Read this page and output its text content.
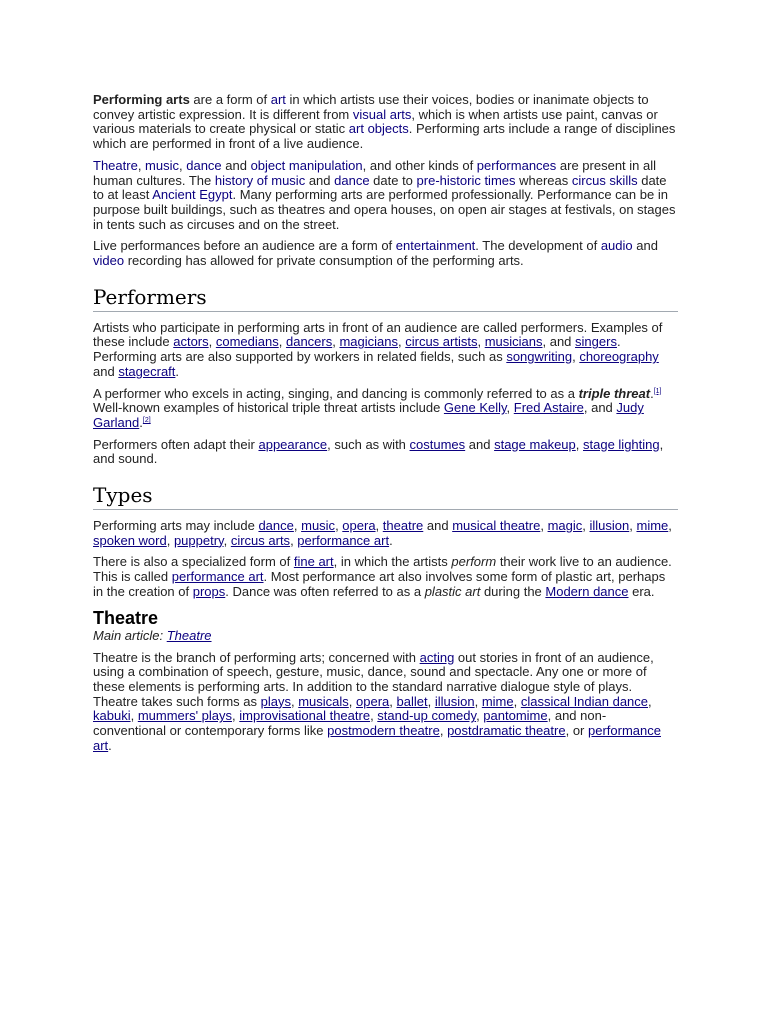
Performing arts are a form of art in which artists use their voices, bodies or inanimate objects to convey artistic expression. It is different from visual arts, which is when artists use paint, canvas or various materials to create physical or static art objects. Performing arts include a range of disciplines which are performed in front of a live audience.

Theatre, music, dance and object manipulation, and other kinds of performances are present in all human cultures. The history of music and dance date to pre-historic times whereas circus skills date to at least Ancient Egypt. Many performing arts are performed professionally. Performance can be in purpose built buildings, such as theatres and opera houses, on open air stages at festivals, on stages in tents such as circuses and on the street.

Live performances before an audience are a form of entertainment. The development of audio and video recording has allowed for private consumption of the performing arts.

Performers

Artists who participate in performing arts in front of an audience are called performers. Examples of these include actors, comedians, dancers, magicians, circus artists, musicians, and singers. Performing arts are also supported by workers in related fields, such as songwriting, choreography and stagecraft.

A performer who excels in acting, singing, and dancing is commonly referred to as a triple threat.[1] Well-known examples of historical triple threat artists include Gene Kelly, Fred Astaire, and Judy Garland.[2]

Performers often adapt their appearance, such as with costumes and stage makeup, stage lighting, and sound.

Types

Performing arts may include dance, music, opera, theatre and musical theatre, magic, illusion, mime, spoken word, puppetry, circus arts, performance art.

There is also a specialized form of fine art, in which the artists perform their work live to an audience. This is called performance art. Most performance art also involves some form of plastic art, perhaps in the creation of props. Dance was often referred to as a plastic art during the Modern dance era.

Theatre
Main article: Theatre

Theatre is the branch of performing arts; concerned with acting out stories in front of an audience, using a combination of speech, gesture, music, dance, sound and spectacle. Any one or more of these elements is performing arts. In addition to the standard narrative dialogue style of plays. Theatre takes such forms as plays, musicals, opera, ballet, illusion, mime, classical Indian dance, kabuki, mummers' plays, improvisational theatre, stand-up comedy, pantomime, and non-conventional or contemporary forms like postmodern theatre, postdramatic theatre, or performance art.
